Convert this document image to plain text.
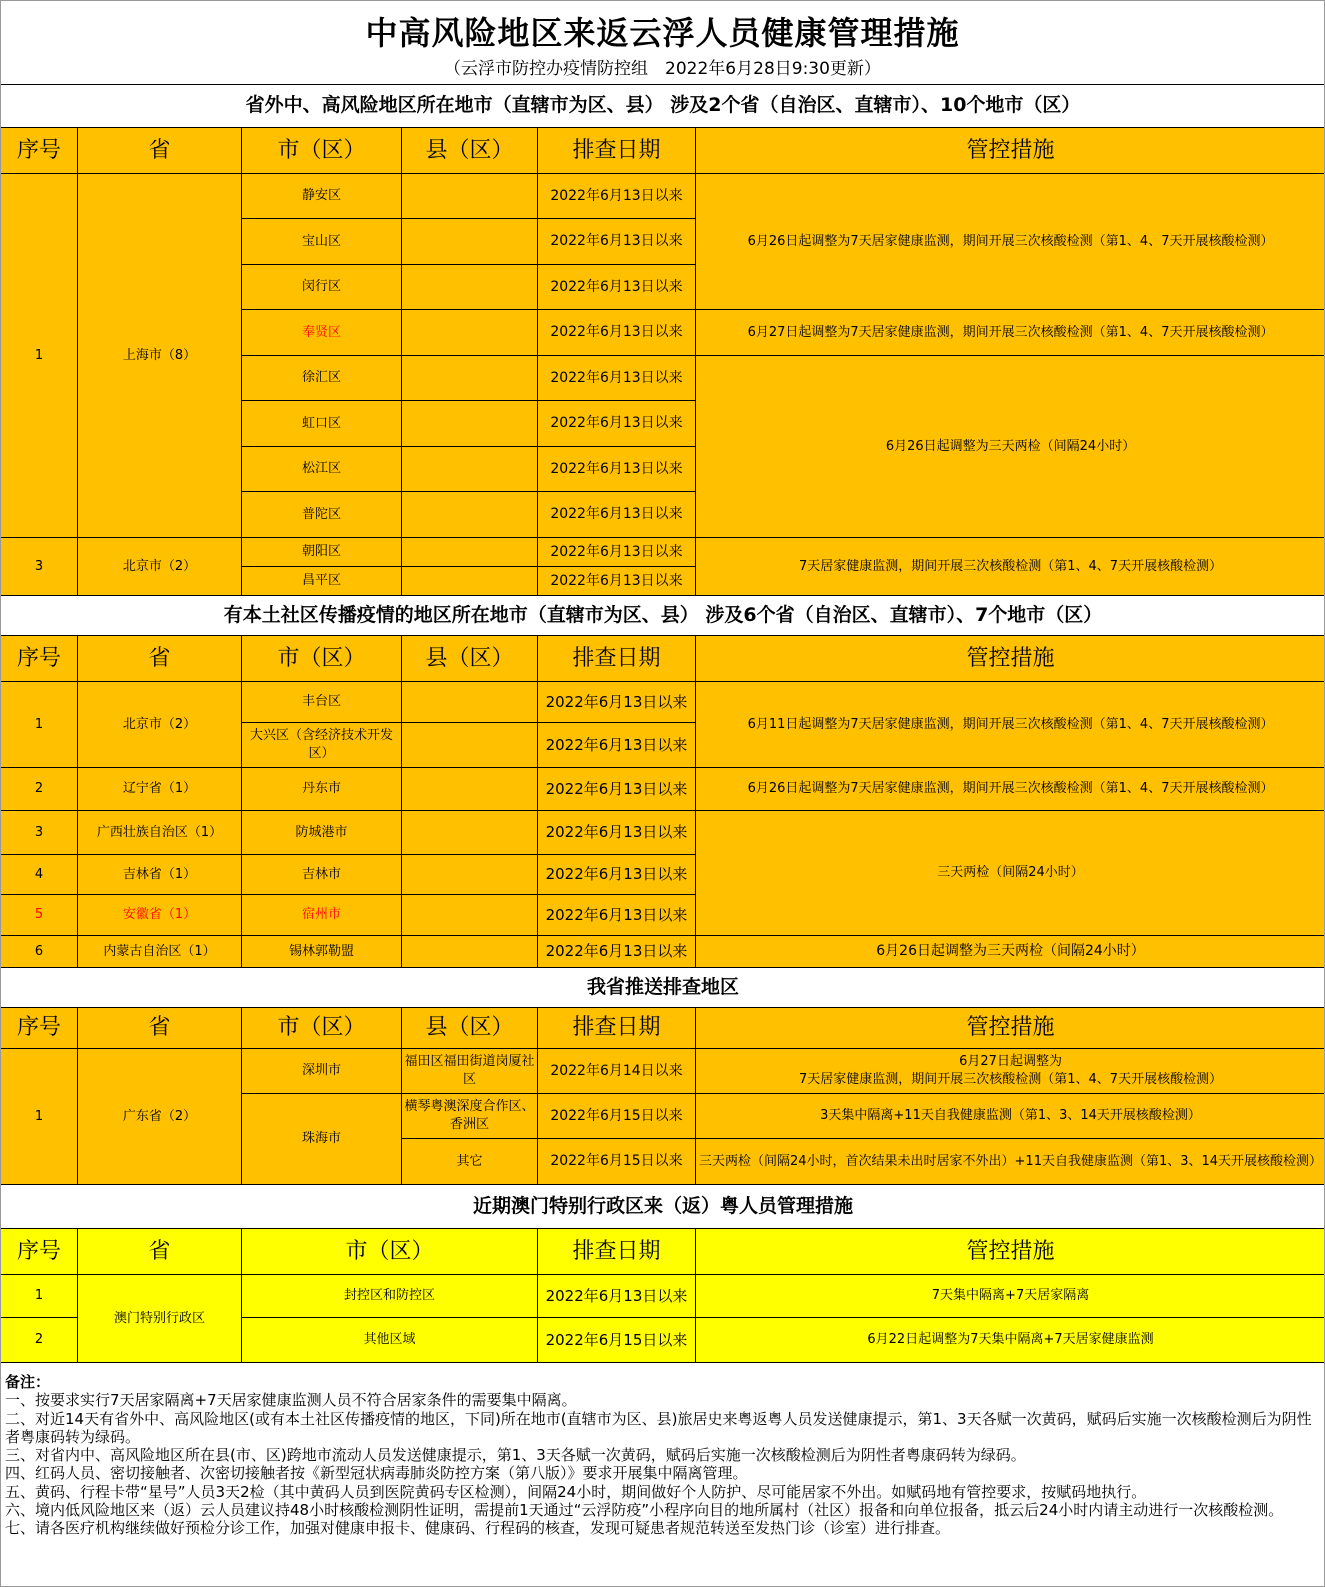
中高风险地区来返云浮人员健康管理措施
（云浮市防控办疫情防控组　2022年6月28日9:30更新）
省外中、高风险地区所在地市（直辖市为区、县） 涉及2个省（自治区、直辖市）、10个地市（区）					
序号	省	市（区）	县（区）	排查日期	管控措施
1	上海市（8）	静安区		2022年6月13日以来	6月26日起调整为7天居家健康监测，期间开展三次核酸检测（第1、4、7天开展核酸检测）
		宝山区		2022年6月13日以来	
		闵行区		2022年6月13日以来	
		奉贤区		2022年6月13日以来	6月27日起调整为7天居家健康监测，期间开展三次核酸检测（第1、4、7天开展核酸检测）
		徐汇区		2022年6月13日以来	6月26日起调整为三天两检（间隔24小时）
		虹口区		2022年6月13日以来	
		松江区		2022年6月13日以来	
		普陀区		2022年6月13日以来	
3	北京市（2）	朝阳区		2022年6月13日以来	7天居家健康监测，期间开展三次核酸检测（第1、4、7天开展核酸检测）
		昌平区		2022年6月13日以来	
有本土社区传播疫情的地区所在地市（直辖市为区、县） 涉及6个省（自治区、直辖市）、7个地市（区）					
序号	省	市（区）	县（区）	排查日期	管控措施
1	北京市（2）	丰台区		2022年6月13日以来	6月11日起调整为7天居家健康监测，期间开展三次核酸检测（第1、4、7天开展核酸检测）
		大兴区（含经济技术开发区）		2022年6月13日以来	
2	辽宁省（1）	丹东市		2022年6月13日以来	6月26日起调整为7天居家健康监测，期间开展三次核酸检测（第1、4、7天开展核酸检测）
3	广西壮族自治区（1）	防城港市		2022年6月13日以来	三天两检（间隔24小时）
4	吉林省（1）	吉林市		2022年6月13日以来	
5	安徽省（1）	宿州市		2022年6月13日以来	
6	内蒙古自治区（1）	锡林郭勒盟		2022年6月13日以来	6月26日起调整为三天两检（间隔24小时）
我省推送排查地区					
序号	省	市（区）	县（区）	排查日期	管控措施
1	广东省（2）	深圳市	福田区福田街道岗厦社区	2022年6月14日以来	6月27日起调整为
7天居家健康监测，期间开展三次核酸检测（第1、4、7天开展核酸检测）

		珠海市	横琴粤澳深度合作区、香洲区	2022年6月15日以来	3天集中隔离+11天自我健康监测（第1、3、14天开展核酸检测）
			其它	2022年6月15日以来	三天两检（间隔24小时，首次结果未出时居家不外出）+11天自我健康监测（第1、3、14天开展核酸检测）
近期澳门特别行政区来（返）粤人员管理措施				
序号	省	市（区）	排查日期	管控措施
1	澳门特别行政区	封控区和防控区	2022年6月13日以来	7天集中隔离+7天居家隔离
2		其他区域	2022年6月15日以来	6月22日起调整为7天集中隔离+7天居家健康监测
备注：
一、按要求实行7天居家隔离+7天居家健康监测人员不符合居家条件的需要集中隔离。
二、对近14天有省外中、高风险地区(或有本土社区传播疫情的地区，下同)所在地市(直辖市为区、县)旅居史来粤返粤人员发送健康提示，第1、3天各赋一次黄码，赋码后实施一次核酸检测后为阴性者粤康码转为绿码。
三、对省内中、高风险地区所在县(市、区)跨地市流动人员发送健康提示，第1、3天各赋一次黄码，赋码后实施一次核酸检测后为阴性者粤康码转为绿码。
四、红码人员、密切接触者、次密切接触者按《新型冠状病毒肺炎防控方案（第八版）》要求开展集中隔离管理。
五、黄码、行程卡带“星号”人员3天2检（其中黄码人员到医院黄码专区检测），间隔24小时，期间做好个人防护、尽可能居家不外出。如赋码地有管控要求，按赋码地执行。
六、境内低风险地区来（返）云人员建议持48小时核酸检测阴性证明，需提前1天通过“云浮防疫”小程序向目的地所属村（社区）报备和向单位报备，抵云后24小时内请主动进行一次核酸检测。
七、请各医疗机构继续做好预检分诊工作，加强对健康申报卡、健康码、行程码的核查，发现可疑患者规范转送至发热门诊（诊室）进行排查。
